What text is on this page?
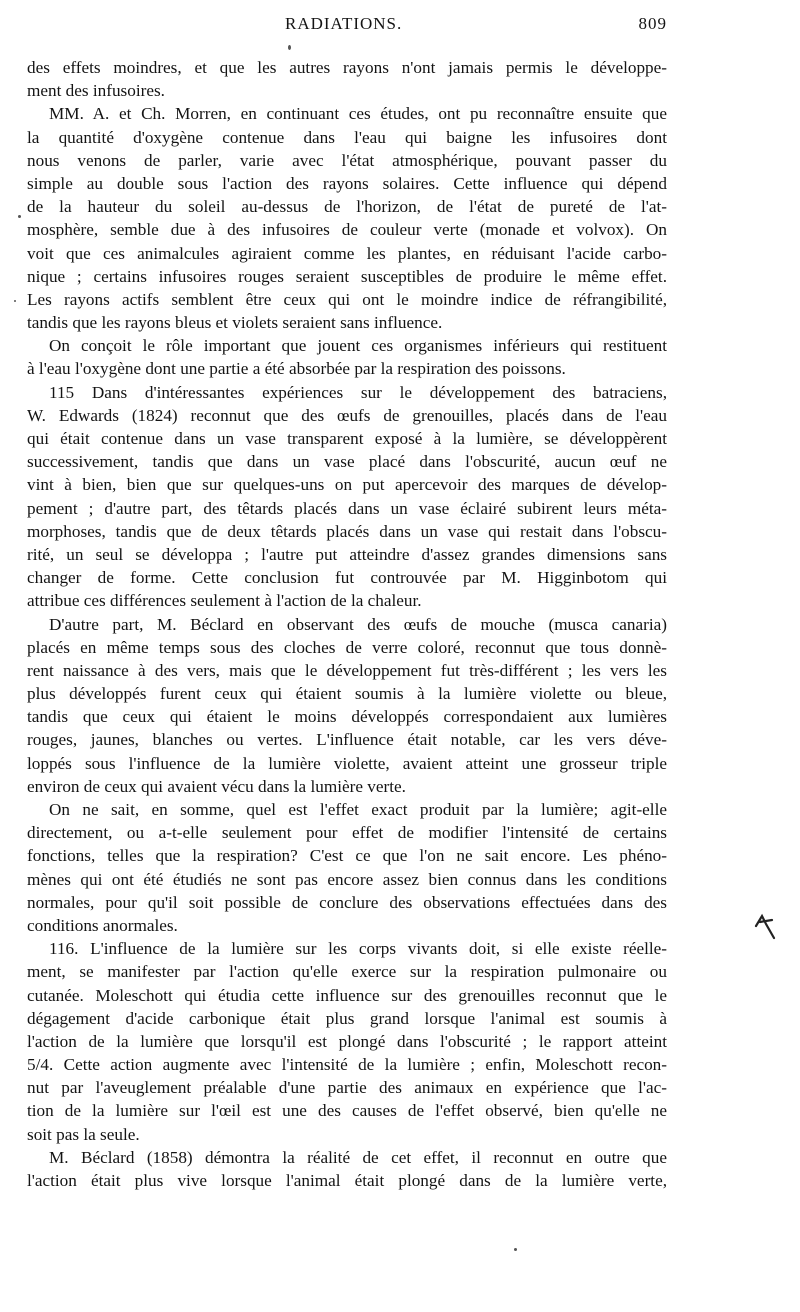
RADIATIONS.	809
des effets moindres, et que les autres rayons n'ont jamais permis le développe-
ment des infusoires.
MM. A. et Ch. Morren, en continuant ces études, ont pu reconnaître ensuite que
la quantité d'oxygène contenue dans l'eau qui baigne les infusoires dont
nous venons de parler, varie avec l'état atmosphérique, pouvant passer du
simple au double sous l'action des rayons solaires. Cette influence qui dépend
de la hauteur du soleil au-dessus de l'horizon, de l'état de pureté de l'at-
mosphère, semble due à des infusoires de couleur verte (monade et volvox). On
voit que ces animalcules agiraient comme les plantes, en réduisant l'acide carbo-
nique ; certains infusoires rouges seraient susceptibles de produire le même effet.
Les rayons actifs semblent être ceux qui ont le moindre indice de réfrangibilité,
tandis que les rayons bleus et violets seraient sans influence.
On conçoit le rôle important que jouent ces organismes inférieurs qui restituent
à l'eau l'oxygène dont une partie a été absorbée par la respiration des poissons.
115 Dans d'intéressantes expériences sur le développement des batraciens,
W. Edwards (1824) reconnut que des œufs de grenouilles, placés dans de l'eau
qui était contenue dans un vase transparent exposé à la lumière, se développèrent
successivement, tandis que dans un vase placé dans l'obscurité, aucun œuf ne
vint à bien, bien que sur quelques-uns on put apercevoir des marques de dévelop-
pement ; d'autre part, des têtards placés dans un vase éclairé subirent leurs méta-
morphoses, tandis que de deux têtards placés dans un vase qui restait dans l'obscu-
rité, un seul se développa ; l'autre put atteindre d'assez grandes dimensions sans
changer de forme. Cette conclusion fut controuvée par M. Higginbotom qui
attribue ces différences seulement à l'action de la chaleur.
D'autre part, M. Béclard en observant des œufs de mouche (musca canaria)
placés en même temps sous des cloches de verre coloré, reconnut que tous donnè-
rent naissance à des vers, mais que le développement fut très-différent ; les vers les
plus développés furent ceux qui étaient soumis à la lumière violette ou bleue,
tandis que ceux qui étaient le moins développés correspondaient aux lumières
rouges, jaunes, blanches ou vertes. L'influence était notable, car les vers déve-
loppés sous l'influence de la lumière violette, avaient atteint une grosseur triple
environ de ceux qui avaient vécu dans la lumière verte.
On ne sait, en somme, quel est l'effet exact produit par la lumière; agit-elle
directement, ou a-t-elle seulement pour effet de modifier l'intensité de certains
fonctions, telles que la respiration? C'est ce que l'on ne sait encore. Les phéno-
mènes qui ont été étudiés ne sont pas encore assez bien connus dans les conditions
normales, pour qu'il soit possible de conclure des observations effectuées dans des
conditions anormales.
116. L'influence de la lumière sur les corps vivants doit, si elle existe réelle-
ment, se manifester par l'action qu'elle exerce sur la respiration pulmonaire ou
cutanée. Moleschott qui étudia cette influence sur des grenouilles reconnut que le
dégagement d'acide carbonique était plus grand lorsque l'animal est soumis à
l'action de la lumière que lorsqu'il est plongé dans l'obscurité ; le rapport atteint
5/4. Cette action augmente avec l'intensité de la lumière ; enfin, Moleschott recon-
nut par l'aveuglement préalable d'une partie des animaux en expérience que l'ac-
tion de la lumière sur l'œil est une des causes de l'effet observé, bien qu'elle ne
soit pas la seule.
M. Béclard (1858) démontra la réalité de cet effet, il reconnut en outre que
l'action était plus vive lorsque l'animal était plongé dans de la lumière verte,
